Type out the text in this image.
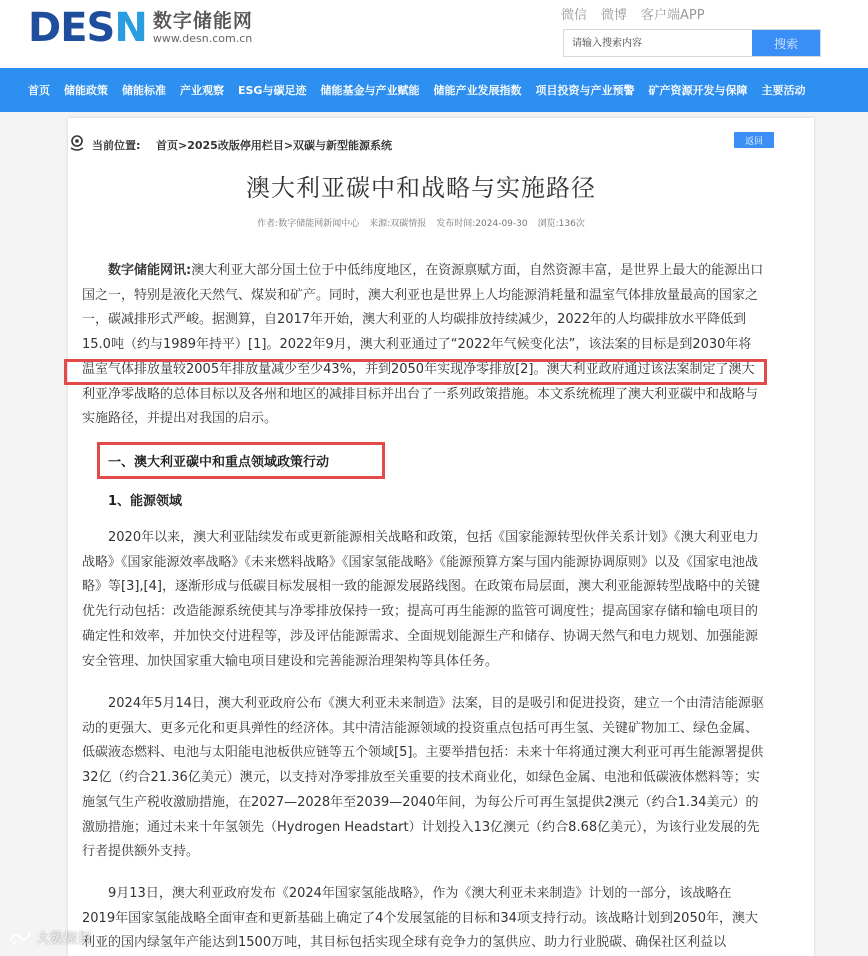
DESN 数字储能网
www.desn.com.cn
微信 微博 客户端APP
请输入搜索内容
搜索
首页 储能政策 储能标准 产业观察 ESG与碳足迹 储能基金与产业赋能 储能产业发展指数 项目投资与产业预警 矿产资源开发与保障 主要活动
当前位置: 首页 >2025改版停用栏目 >双碳与新型能源系统	返回
澳大利亚碳中和战略与实施路径
作者:数字储能网新闻中心 来源:双碳情报 发布时间:2024-09-30 浏览:136次
数字储能网讯:澳大利亚大部分国土位于中低纬度地区，在资源禀赋方面，自然资源丰富，是世界上最大的能源出口国之一，特别是液化天然气、煤炭和矿产。同时，澳大利亚也是世界上人均能源消耗量和温室气体排放量最高的国家之一，碳减排形式严峻。据测算，自2017年开始，澳大利亚的人均碳排放持续减少，2022年的人均碳排放水平降低到15.0吨（约与1989年持平）[1]。2022年9月，澳大利亚通过了“2022年气候变化法”，该法案的目标是到2030年将温室气体排放量较2005年排放量减少至少43%，并到2050年实现净零排放[2]。澳大利亚政府通过该法案制定了澳大利亚净零战略的总体目标以及各州和地区的减排目标并出台了一系列政策措施。本文系统梳理了澳大利亚碳中和战略与实施路径，并提出对我国的启示。
一、澳大利亚碳中和重点领域政策行动
1、能源领域
2020年以来，澳大利亚陆续发布或更新能源相关战略和政策，包括《国家能源转型伙伴关系计划》《澳大利亚电力战略》《国家能源效率战略》《未来燃料战略》《国家氢能战略》《能源预算方案与国内能源协调原则》以及《国家电池战略》等[3],[4]，逐渐形成与低碳目标发展相一致的能源发展路线图。在政策布局层面，澳大利亚能源转型战略中的关键优先行动包括：改造能源系统使其与净零排放保持一致；提高可再生能源的监管可调度性；提高国家存储和输电项目的确定性和效率，并加快交付进程等，涉及评估能源需求、全面规划能源生产和储存、协调天然气和电力规划、加强能源安全管理、加快国家重大输电项目建设和完善能源治理架构等具体任务。
2024年5月14日，澳大利亚政府公布《澳大利亚未来制造》法案，目的是吸引和促进投资，建立一个由清洁能源驱动的更强大、更多元化和更具弹性的经济体。其中清洁能源领域的投资重点包括可再生氢、关键矿物加工、绿色金属、低碳液态燃料、电池与太阳能电池板供应链等五个领域[5]。主要举措包括：未来十年将通过澳大利亚可再生能源署提供32亿（约合21.36亿美元）澳元，以支持对净零排放至关重要的技术商业化，如绿色金属、电池和低碳液体燃料等；实施氢气生产税收激励措施，在2027—2028年至2039—2040年间，为每公斤可再生氢提供2澳元（约合1.34美元）的激励措施；通过未来十年氢领先（Hydrogen Headstart）计划投入13亿澳元（约合8.68亿美元），为该行业发展的先行者提供额外支持。
9月13日，澳大利亚政府发布《2024年国家氢能战略》，作为《澳大利亚未来制造》计划的一部分，该战略在2019年国家氢能战略全面审查和更新基础上确定了4个发展氢能的目标和34项支持行动。该战略计划到2050年，澳大利亚的国内绿氢年产能达到1500万吨，其目标包括实现全球有竞争力的氢供应、助力行业脱碳、确保社区利益以
大数聚报
